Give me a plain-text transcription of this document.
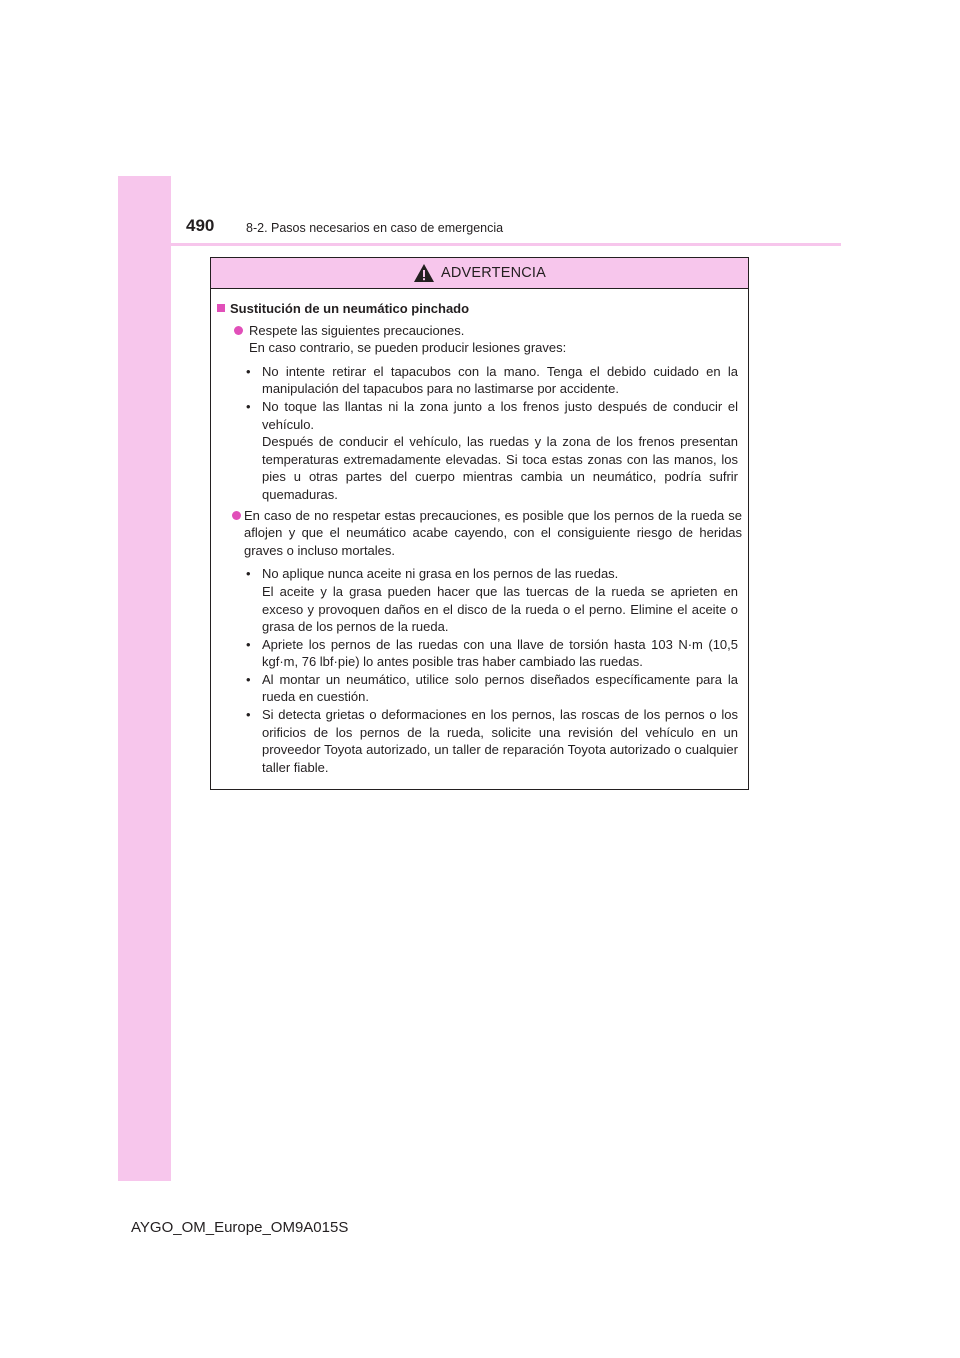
490	8-2. Pasos necesarios en caso de emergencia
ADVERTENCIA
Sustitución de un neumático pinchado

Respete las siguientes precauciones.

En caso contrario, se pueden producir lesiones graves:

• No intente retirar el tapacubos con la mano. Tenga el debido cuidado en la manipulación del tapacubos para no lastimarse por accidente.

• No toque las llantas ni la zona junto a los frenos justo después de conducir el vehículo.

Después de conducir el vehículo, las ruedas y la zona de los frenos presentan temperaturas extremadamente elevadas. Si toca estas zonas con las manos, los pies u otras partes del cuerpo mientras cambia un neumático, podría sufrir quemaduras.

En caso de no respetar estas precauciones, es posible que los pernos de la rueda se aflojen y que el neumático acabe cayendo, con el consiguiente riesgo de heridas graves o incluso mortales.

• No aplique nunca aceite ni grasa en los pernos de las ruedas.

El aceite y la grasa pueden hacer que las tuercas de la rueda se aprieten en exceso y provoquen daños en el disco de la rueda o el perno. Elimine el aceite o grasa de los pernos de la rueda.

• Apriete los pernos de las ruedas con una llave de torsión hasta 103 N·m (10,5 kgf·m, 76 lbf·pie) lo antes posible tras haber cambiado las ruedas.

• Al montar un neumático, utilice solo pernos diseñados específicamente para la rueda en cuestión.

• Si detecta grietas o deformaciones en los pernos, las roscas de los pernos o los orificios de los pernos de la rueda, solicite una revisión del vehículo en un proveedor Toyota autorizado, un taller de reparación Toyota autorizado o cualquier taller fiable.

AYGO_OM_Europe_OM9A015S
